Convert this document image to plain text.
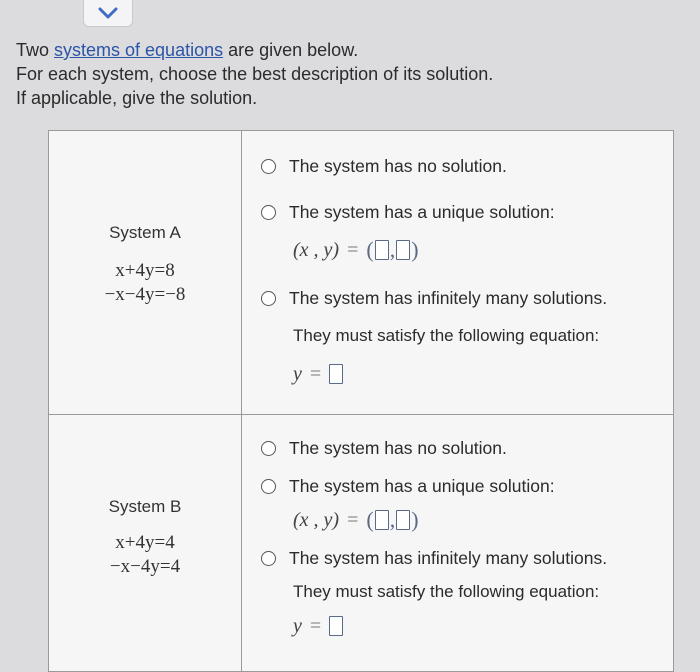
Two systems of equations are given below.
For each system, choose the best description of its solution.
If applicable, give the solution.
System A
x+4y=8
−x−4y=−8
The system has no solution.
The system has a unique solution:
(x , y) = ( , )
The system has infinitely many solutions.
They must satisfy the following equation:
y =
System B
x+4y=4
−x−4y=4
The system has no solution.
The system has a unique solution:
(x , y) = ( , )
The system has infinitely many solutions.
They must satisfy the following equation:
y =
